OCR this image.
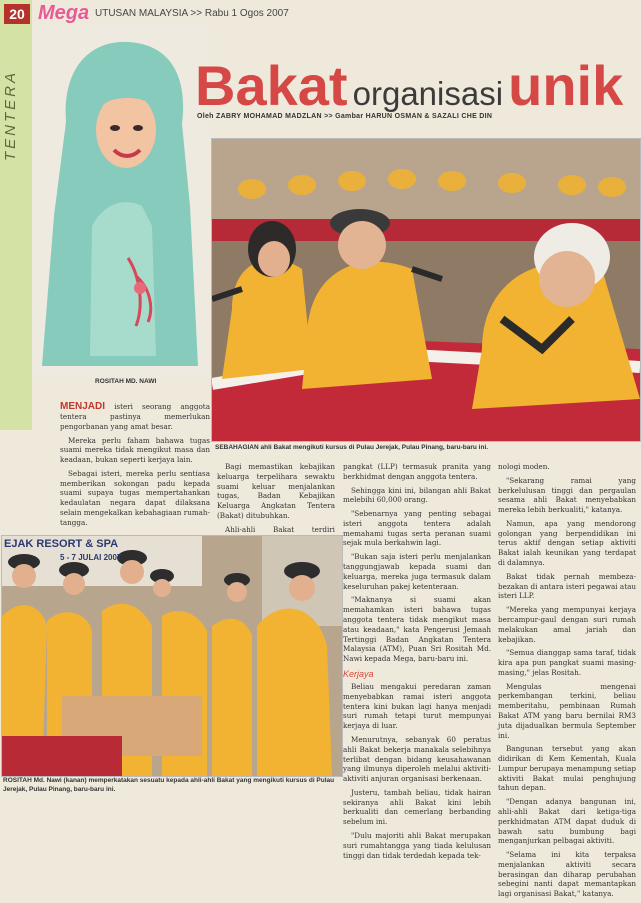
20
TENTERA
Mega UTUSAN MALAYSIA >> Rabu 1 Ogos 2007
ROSITAH MD. NAWI
Bakat organisasi unik
Oleh ZABRY MOHAMAD MADZLAN >> Gambar HARUN OSMAN & SAZALI CHE DIN
SEBAHAGIAN ahli Bakat mengikuti kursus di Pulau Jerejak, Pulau Pinang, baru-baru ini.

MENJADI isteri seorang anggota tentera pastinya memerlukan pengorbanan yang amat besar.

Mereka perlu faham bahawa tugas suami mereka tidak mengikut masa dan keadaan, bukan seperti kerjaya lain.

Sebagai isteri, mereka perlu sentiasa memberikan sokongan padu kepada suami supaya tugas mempertahankan kedaulatan negara dapat dilaksana selain mengekalkan kebahagiaan rumah-tangga.

Bagi memastikan kebajikan keluarga terpelihara sewaktu suami keluar menjalankan tugas, Badan Kebajikan Keluarga Angkatan Tentera (Bakat) ditubuhkan.

Ahli-ahli Bakat terdiri

EJAK RESORT & SPA
5 - 7 JULAI 2007
ROSITAH Md. Nawi (kanan) memperkatakan sesuatu kepada ahli-ahli Bakat yang mengikuti kursus di Pulau Jerejak, Pulau Pinang, baru-baru ini.

pangkat (LLP) termasuk pranita yang berkhidmat dengan anggota tentera.

Sehingga kini ini, bilangan ahli Bakat melebihi 60,000 orang.

"Sebenarnya yang penting sebagai isteri anggota tentera adalah memahami tugas serta peranan suami sejak mula berkahwin lagi.

"Bukan saja isteri perlu menjalankan tanggungjawab kepada suami dan keluarga, mereka juga termasuk dalam keseluruhan pakej ketenteraan.

"Maknanya si suami akan memahamkan isteri bahawa tugas anggota tentera tidak mengikut masa atau keadaan," kata Pengerusi Jemaah Tertinggi Badan Angkatan Tentera Malaysia (ATM), Puan Sri Rositah Md. Nawi kepada Mega, baru-baru ini.

Kerjaya

Beliau mengakui peredaran zaman menyebabkan ramai isteri anggota tentera kini bukan lagi hanya menjadi suri rumah tetapi turut mempunyai kerjaya di luar.

Menurutnya, sebanyak 60 peratus ahli Bakat bekerja manakala selebihnya terlibat dengan bidang keusahawanan yang ilmunya diperoleh melalui aktiviti-aktiviti anjuran organisasi berkenaan.

Justeru, tambah beliau, tidak hairan sekiranya ahli Bakat kini lebih berkualiti dan cemerlang berbanding sebelum ini.

"Dulu majoriti ahli Bakat merupakan suri rumahtangga yang tiada kelulusan tinggi dan tidak terdedah kepada tek-

nologi moden.

"Sekarang ramai yang berkelulusan tinggi dan pergaulan sesama ahli Bakat menyebabkan mereka lebih berkualiti," katanya.

Namun, apa yang mendorong golongan yang berpendidikan ini terus aktif dengan setiap aktiviti Bakat ialah keunikan yang terdapat di dalamnya.

Bakat tidak pernah membeza-bezakan di antara isteri pegawai atau isteri LLP.

"Mereka yang mempunyai kerjaya bercampur-gaul dengan suri rumah melakukan amal jariah dan kebajikan.

"Semua dianggap sama taraf, tidak kira apa pun pangkat suami masing-masing," jelas Rositah.

Mengulas mengenai perkembangan terkini, beliau memberitahu, pembinaan Rumah Bakat ATM yang baru bernilai RM3 juta dijadualkan bermula September ini.

Bangunan tersebut yang akan didirikan di Kem Kementah, Kuala Lumpur berupaya menampung setiap aktiviti Bakat mulai penghujung tahun depan.

"Dengan adanya bangunan ini, ahli-ahli Bakat dari ketiga-tiga perkhidmatan ATM dapat duduk di bawah satu bumbung bagi menganjurkan pelbagai aktiviti.

"Selama ini kita terpaksa menjalankan aktiviti secara berasingan dan diharap perubahan sebegini nanti dapat memantapkan lagi organisasi Bakat," katanya.
